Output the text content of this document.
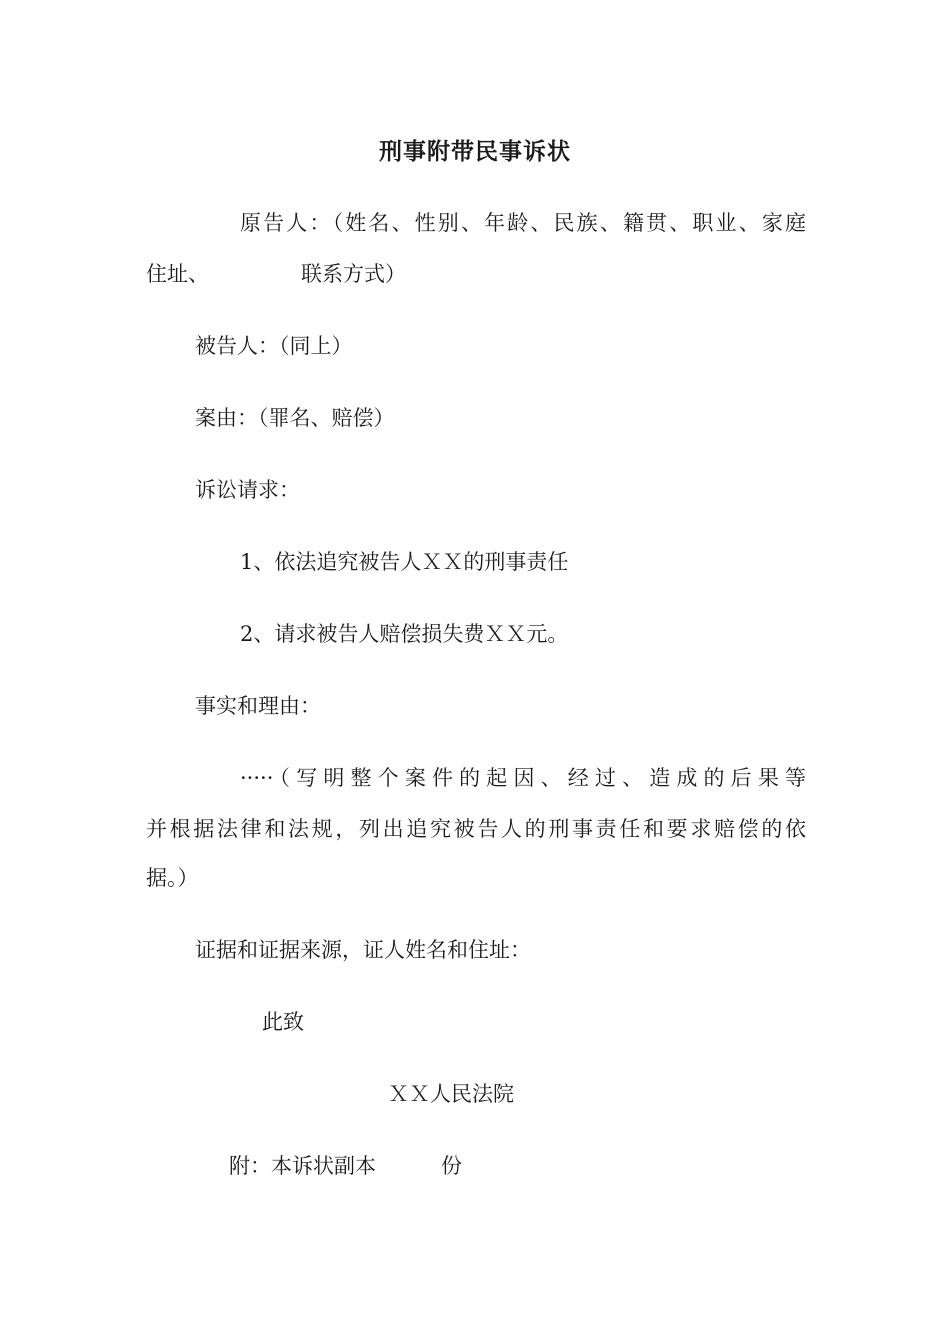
刑事附带民事诉状
原告人：（姓名、性别、年龄、民族、籍贯、职业、家庭
住址、	联系方式）
被告人：（同上）
案由：（罪名、赔偿）
诉讼请求：
1、依法追究被告人ＸＸ的刑事责任
2、请求被告人赔偿损失费ＸＸ元。
事实和理由：
·····（写明整个案件的起因、经过、造成的后果等
并根据法律和法规，列出追究被告人的刑事责任和要求赔偿的依
据。）
证据和证据来源，证人姓名和住址：
此致
ＸＸ人民法院
附：本诉状副本	份
